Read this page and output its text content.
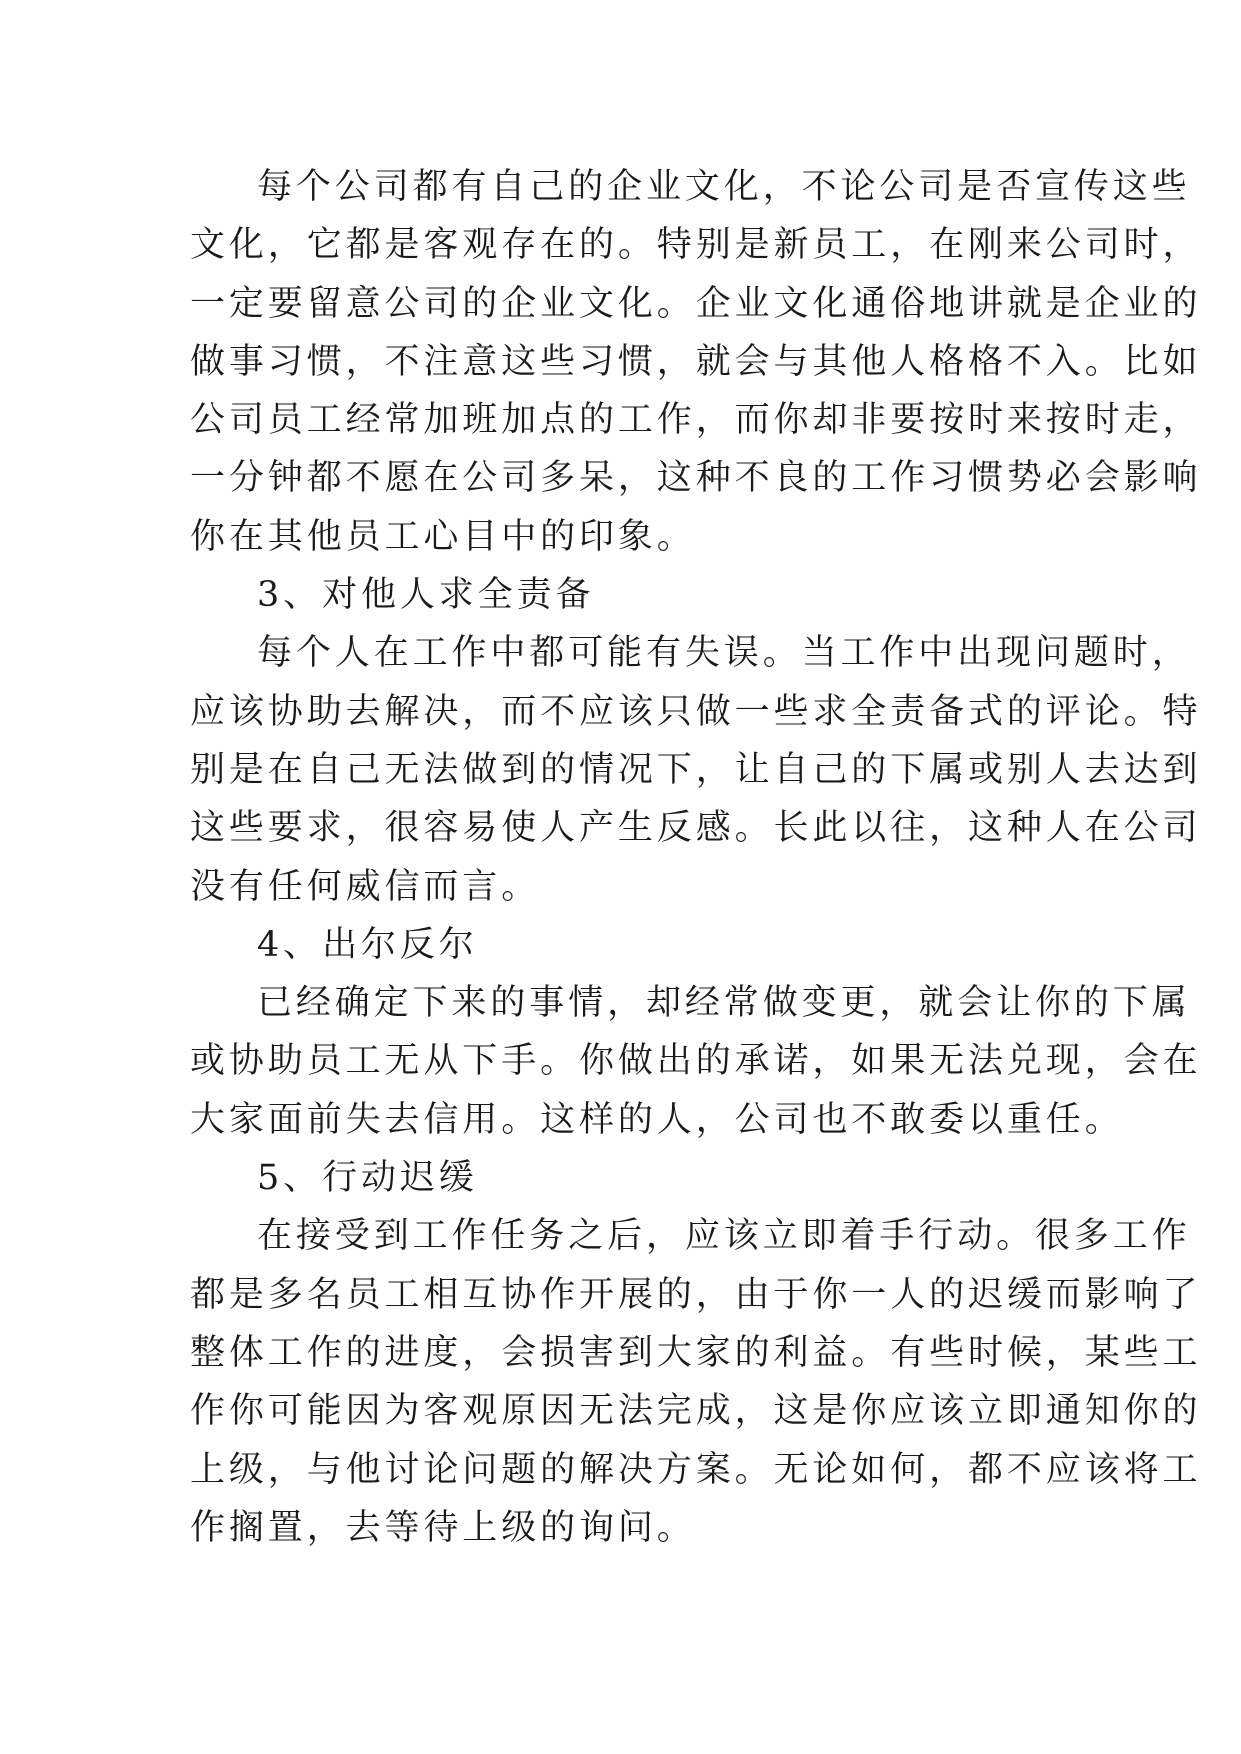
每个公司都有自己的企业文化，不论公司是否宣传这些
文化，它都是客观存在的。特别是新员工，在刚来公司时，
一定要留意公司的企业文化。企业文化通俗地讲就是企业的
做事习惯，不注意这些习惯，就会与其他人格格不入。比如
公司员工经常加班加点的工作，而你却非要按时来按时走，
一分钟都不愿在公司多呆，这种不良的工作习惯势必会影响
你在其他员工心目中的印象。
3、对他人求全责备
每个人在工作中都可能有失误。当工作中出现问题时，
应该协助去解决，而不应该只做一些求全责备式的评论。特
别是在自己无法做到的情况下，让自己的下属或别人去达到
这些要求，很容易使人产生反感。长此以往，这种人在公司
没有任何威信而言。
4、出尔反尔
已经确定下来的事情，却经常做变更，就会让你的下属
或协助员工无从下手。你做出的承诺，如果无法兑现，会在
大家面前失去信用。这样的人，公司也不敢委以重任。
5、行动迟缓
在接受到工作任务之后，应该立即着手行动。很多工作
都是多名员工相互协作开展的，由于你一人的迟缓而影响了
整体工作的进度，会损害到大家的利益。有些时候，某些工
作你可能因为客观原因无法完成，这是你应该立即通知你的
上级，与他讨论问题的解决方案。无论如何，都不应该将工
作搁置，去等待上级的询问。
